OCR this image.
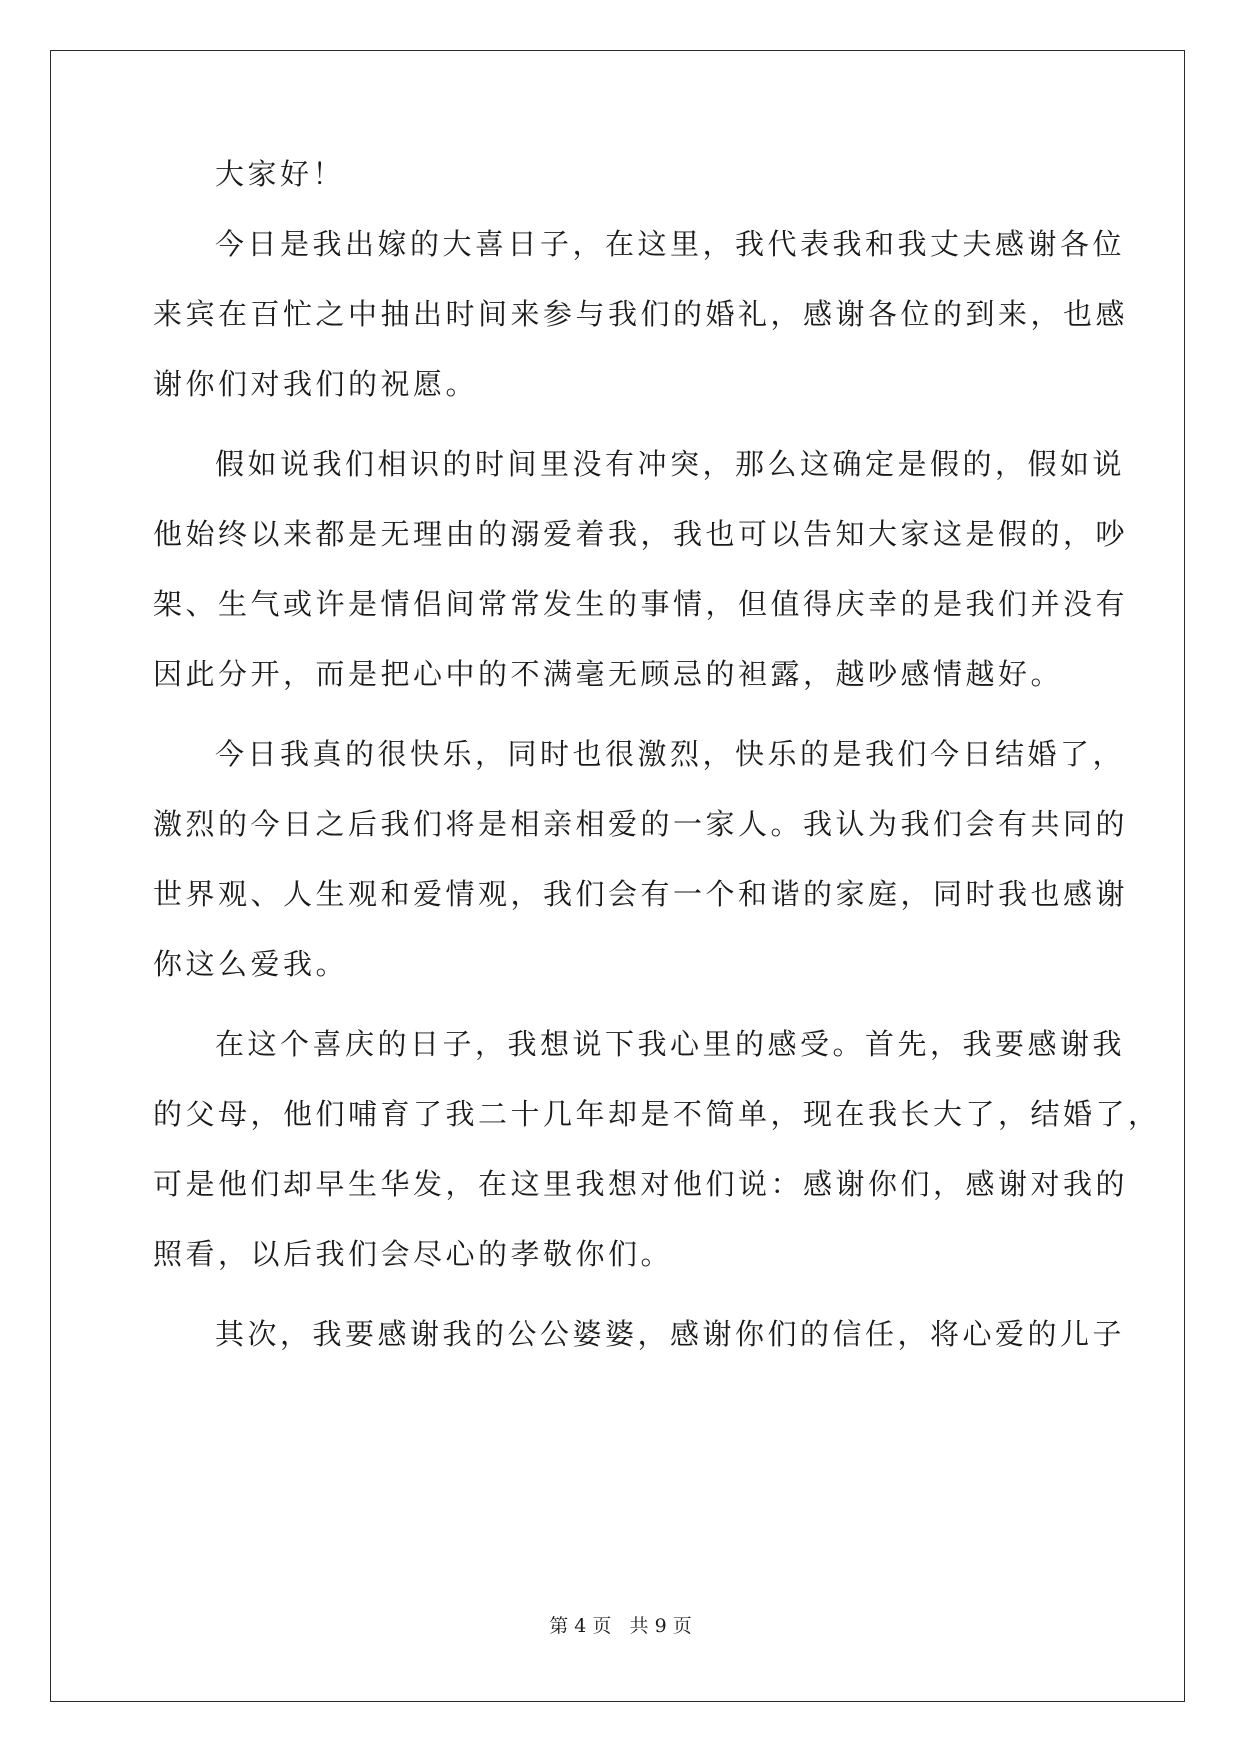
大家好！
今日是我出嫁的大喜日子，在这里，我代表我和我丈夫感谢各位
来宾在百忙之中抽出时间来参与我们的婚礼，感谢各位的到来，也感
谢你们对我们的祝愿。
假如说我们相识的时间里没有冲突，那么这确定是假的，假如说
他始终以来都是无理由的溺爱着我，我也可以告知大家这是假的，吵
架、生气或许是情侣间常常发生的事情，但值得庆幸的是我们并没有
因此分开，而是把心中的不满毫无顾忌的袒露，越吵感情越好。
今日我真的很快乐，同时也很激烈，快乐的是我们今日结婚了，
激烈的今日之后我们将是相亲相爱的一家人。我认为我们会有共同的
世界观、人生观和爱情观，我们会有一个和谐的家庭，同时我也感谢
你这么爱我。
在这个喜庆的日子，我想说下我心里的感受。首先，我要感谢我
的父母，他们哺育了我二十几年却是不简单，现在我长大了，结婚了，
可是他们却早生华发，在这里我想对他们说：感谢你们，感谢对我的
照看，以后我们会尽心的孝敬你们。
其次，我要感谢我的公公婆婆，感谢你们的信任，将心爱的儿子
第 4 页   共 9 页
